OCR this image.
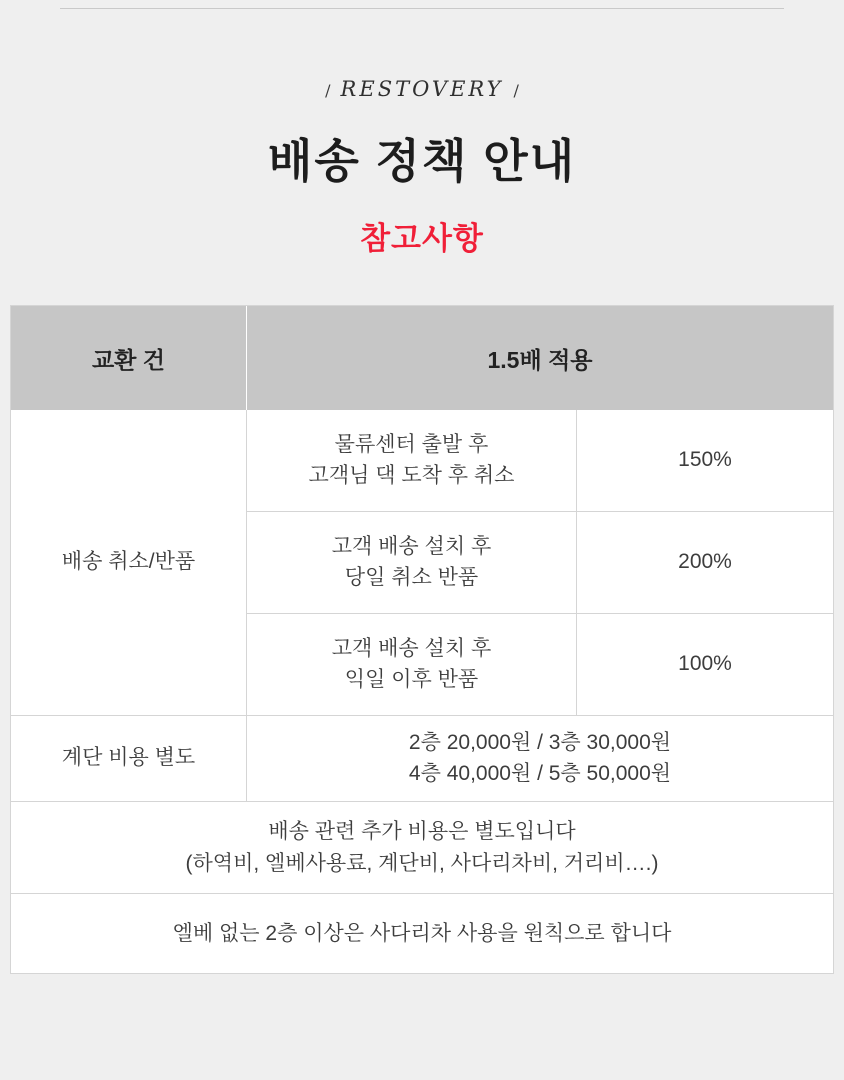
/ RESTOVERY /
배송 정책 안내
참고사항
교환 건	1.5배 적용
배송 취소/반품
물류센터 출발 후
고객님 댁 도착 후 취소
150%
고객 배송 설치 후
당일 취소 반품
200%
고객 배송 설치 후
익일 이후 반품
100%
계단 비용 별도
2층 20,000원 / 3층 30,000원
4층 40,000원 / 5층 50,000원
배송 관련 추가 비용은 별도입니다
(하역비, 엘베사용료, 계단비, 사다리차비, 거리비….)
엘베 없는 2층 이상은 사다리차 사용을 원칙으로 합니다
